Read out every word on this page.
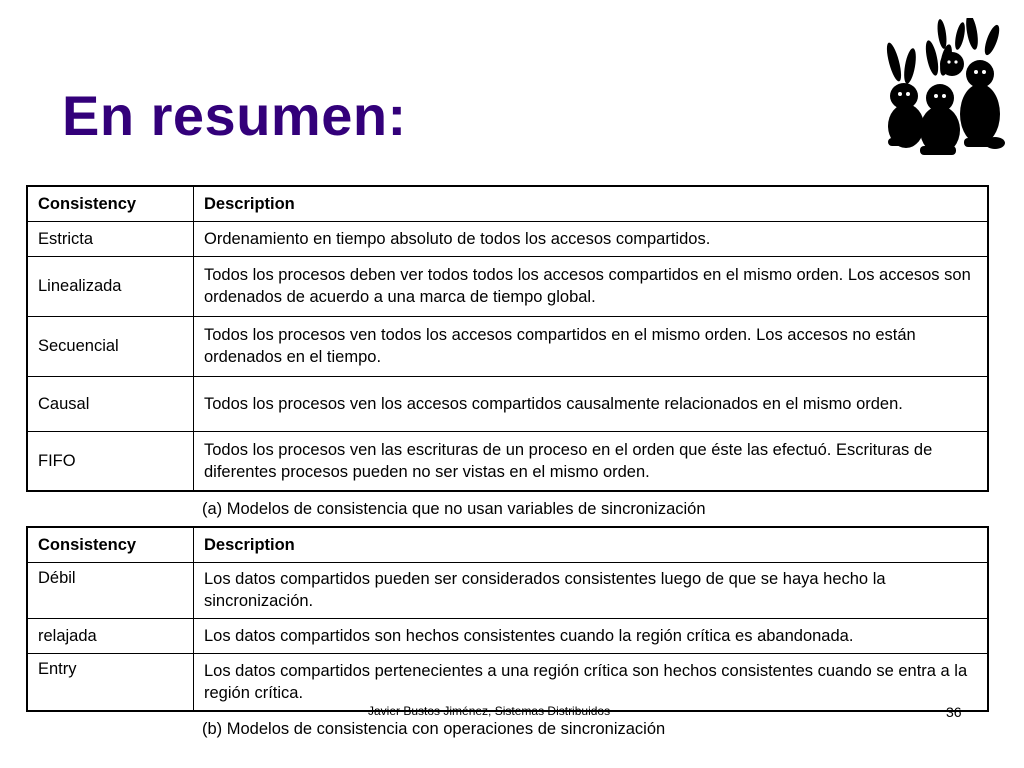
En resumen:
Consistency	Description
Estricta	Ordenamiento en tiempo absoluto de todos los accesos compartidos.
Linealizada	Todos los procesos deben ver todos todos los accesos compartidos en el mismo orden. Los accesos son ordenados de acuerdo a una marca de tiempo global.
Secuencial	Todos los procesos ven todos los accesos compartidos en el mismo orden. Los accesos no están ordenados en el tiempo.
Causal	Todos los procesos ven los accesos compartidos causalmente relacionados en el mismo orden.
FIFO	Todos los procesos ven las escrituras de un proceso en el orden que éste las efectuó. Escrituras de diferentes procesos pueden no ser vistas en el mismo orden.
(a) Modelos de consistencia que no usan variables de sincronización
Consistency	Description
Débil	Los datos compartidos pueden ser considerados consistentes luego de que se haya hecho la sincronización.
relajada	Los datos compartidos son hechos consistentes cuando la región crítica es abandonada.
Entry	Los datos compartidos pertenecientes a una región crítica son hechos consistentes cuando se entra a la región crítica.
Javier Bustos Jiménez, Sistemas Distribuidos	36
(b) Modelos de consistencia con operaciones de sincronización
